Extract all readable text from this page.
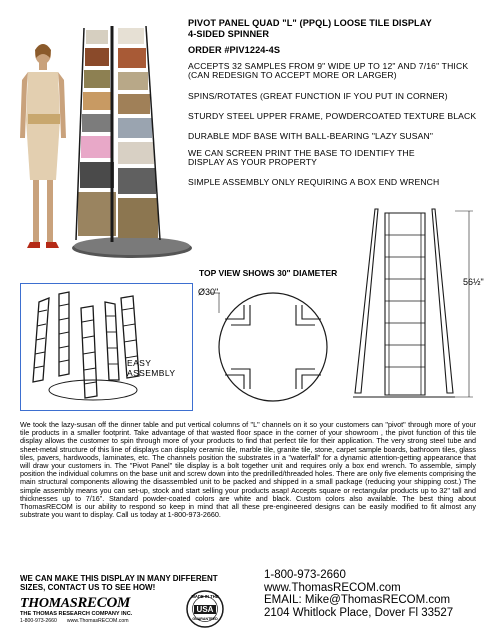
PIVOT PANEL QUAD "L" (PPQL) LOOSE TILE DISPLAY
4-SIDED SPINNER
ORDER #PIV1224-4S
ACCEPTS 32 SAMPLES FROM 9" WIDE UP TO 12" AND 7/16" THICK (CAN REDESIGN TO ACCEPT MORE OR LARGER)
SPINS/ROTATES (GREAT FUNCTION IF YOU PUT IN CORNER)
STURDY STEEL UPPER FRAME, POWDERCOATED TEXTURE BLACK
DURABLE MDF BASE WITH BALL-BEARING "LAZY SUSAN"
WE CAN SCREEN PRINT THE BASE TO IDENTIFY THE DISPLAY AS YOUR PROPERTY
SIMPLE ASSEMBLY ONLY REQUIRING A BOX END WRENCH
TOP VIEW SHOWS 30" DIAMETER
EASY
ASSEMBLY
Ø30"
56½"
We took the lazy-susan off the dinner table and put vertical columns of "L" channels on it so your customers can "pivot" through more of your tile products in a smaller footprint. Take advantage of that wasted floor space in the corner of your showroom , the pivot function of this tile display allows the customer to spin through more of your products to find that perfect tile for their application. The very strong steel tube and sheet-metal structure of this line of displays can display ceramic tile, marble tile, granite tile, stone, carpet sample boards, bathroom tiles, glass tiles, pavers, hardwoods, laminates, etc. The channels position the substrates in a "waterfall" for a dynamic attention-getting appearance that will draw your customers in. The "Pivot Panel" tile display is a bolt together unit and requires only a box end wrench. To assemble, simply position the individual columns on the base unit and screw down into the predrilled/threaded holes. There are only five elements comprising the main structural components allowing the disassembled unit to be packed and shipped in a small package (reducing your shipping cost.) The simple assembly means you can set-up, stock and start selling your products asap! Accepts square or rectangular products up to 32" tall and thicknesses up to 7/16". Standard powder-coated colors are white and black. Custom colors also available. The best thing about ThomasRECOM is our ability to respond so keep in mind that all these pre-engineered designs can be easily modified to fit almost any substrate you want to display. Call us today at 1-800-973-2660.
WE CAN MAKE THIS DISPLAY IN MANY DIFFERENT
SIZES, CONTACT US TO SEE HOW!
THOMASRECOM
THE THOMAS RESEARCH COMPANY INC.
1-800-973-2660 www.ThomasRECOM.com
MADE IN THE
USA
GUARANTEED
1-800-973-2660
www.ThomasRECOM.com
EMAIL: Mike@ThomasRECOM.com
2104 Whitlock Place, Dover Fl 33527
